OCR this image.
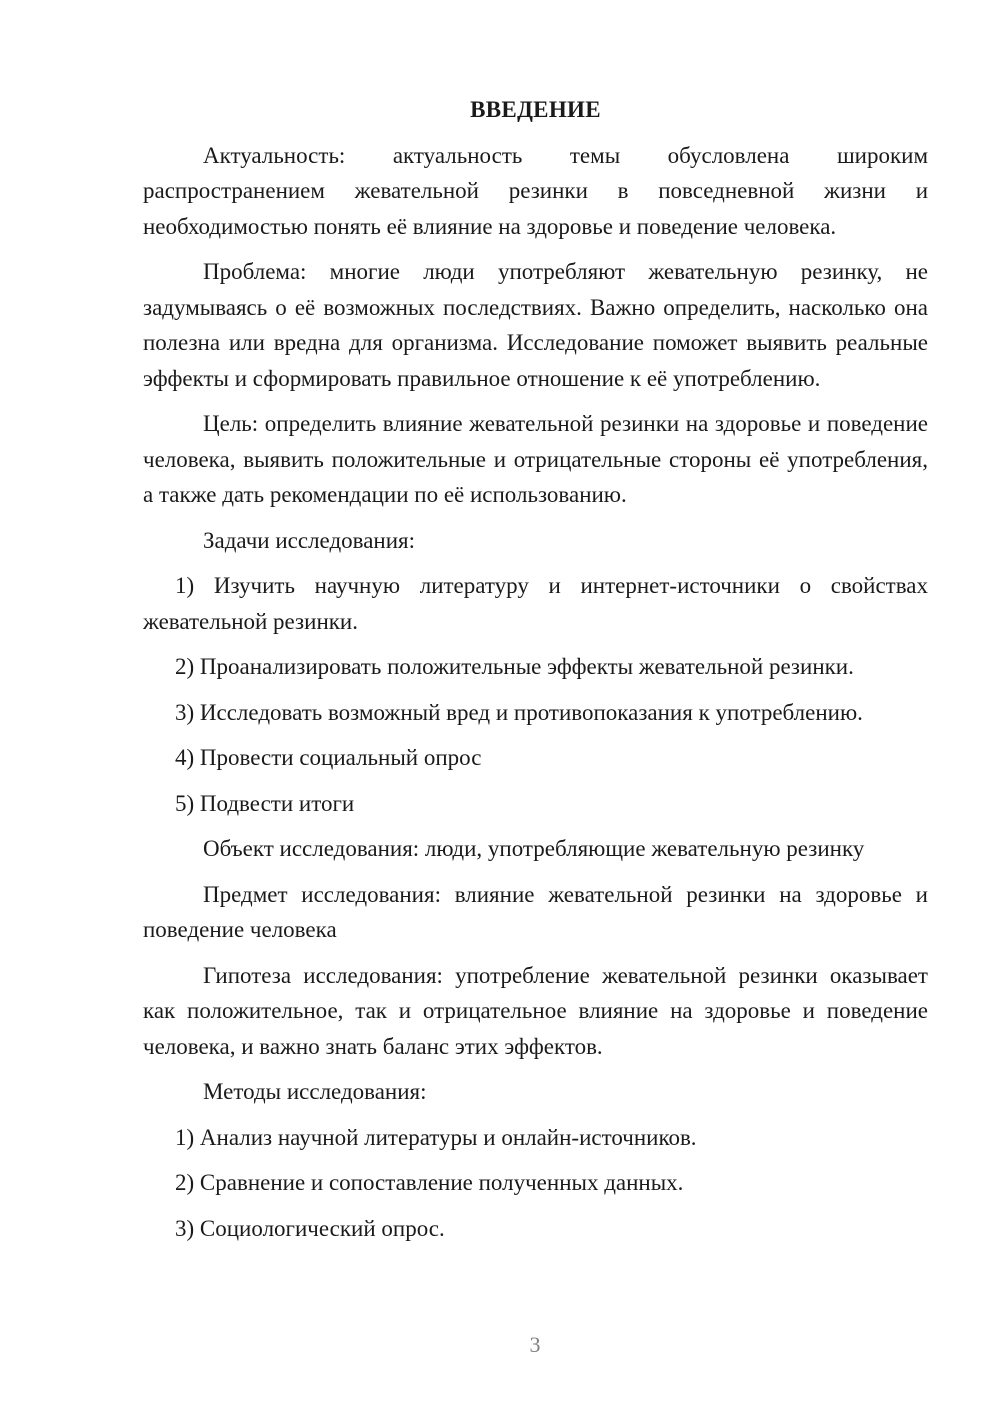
ВВЕДЕНИЕ

Актуальность: актуальность темы обусловлена широким распространением жевательной резинки в повседневной жизни и необходимостью понять её влияние на здоровье и поведение человека.

Проблема: многие люди употребляют жевательную резинку, не задумываясь о её возможных последствиях. Важно определить, насколько она полезна или вредна для организма. Исследование поможет выявить реальные эффекты и сформировать правильное отношение к её употреблению.

Цель: определить влияние жевательной резинки на здоровье и поведение человека, выявить положительные и отрицательные стороны её употребления, а также дать рекомендации по её использованию.

Задачи исследования:

1) Изучить научную литературу и интернет-источники о свойствах жевательной резинки.

2) Проанализировать положительные эффекты жевательной резинки.

3) Исследовать возможный вред и противопоказания к употреблению.

4) Провести социальный опрос

5) Подвести итоги

Объект исследования: люди, употребляющие жевательную резинку

Предмет исследования: влияние жевательной резинки на здоровье и поведение человека

Гипотеза исследования: употребление жевательной резинки оказывает как положительное, так и отрицательное влияние на здоровье и поведение человека, и важно знать баланс этих эффектов.

Методы исследования:

1) Анализ научной литературы и онлайн-источников.

2) Сравнение и сопоставление полученных данных.

3) Социологический опрос.

3
